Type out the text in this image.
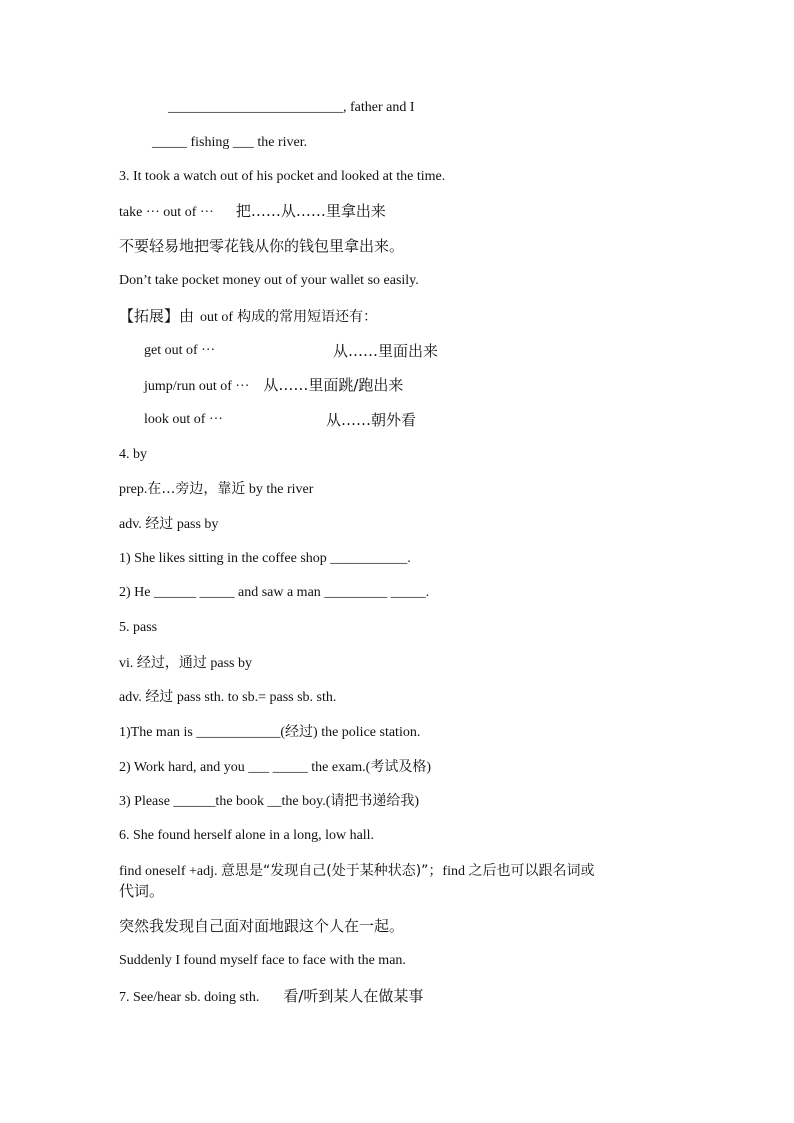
_________________________, father and I
_____ fishing ___ the river.
3. It took a watch out of his pocket and looked at the time.
take ··· out of ··· 把……从……里拿出来
不要轻易地把零花钱从你的钱包里拿出来。
Don’t take pocket money out of your wallet so easily.
【拓展】由 out of 构成的常用短语还有：
get out of ···	从……里面出来
jump/run out of ··· 从……里面跳/跑出来
look out of ···	从……朝外看
4. by
prep.在…旁边，靠近 by the river
adv. 经过 pass by
1) She likes sitting in the coffee shop ___________.
2) He ______ _____ and saw a man _________ _____.
5. pass
vi. 经过，通过 pass by
adv. 经过 pass sth. to sb.= pass sb. sth.
1)The man is ____________(经过) the police station.
2) Work hard, and you ___ _____ the exam.(考试及格)
3) Please ______the book __the boy.(请把书递给我)
6. She found herself alone in a long, low hall.
find oneself +adj. 意思是“发现自己(处于某种状态)”；find 之后也可以跟名词或
代词。
突然我发现自己面对面地跟这个人在一起。
Suddenly I found myself face to face with the man.
7. See/hear sb. doing sth. 看/听到某人在做某事
